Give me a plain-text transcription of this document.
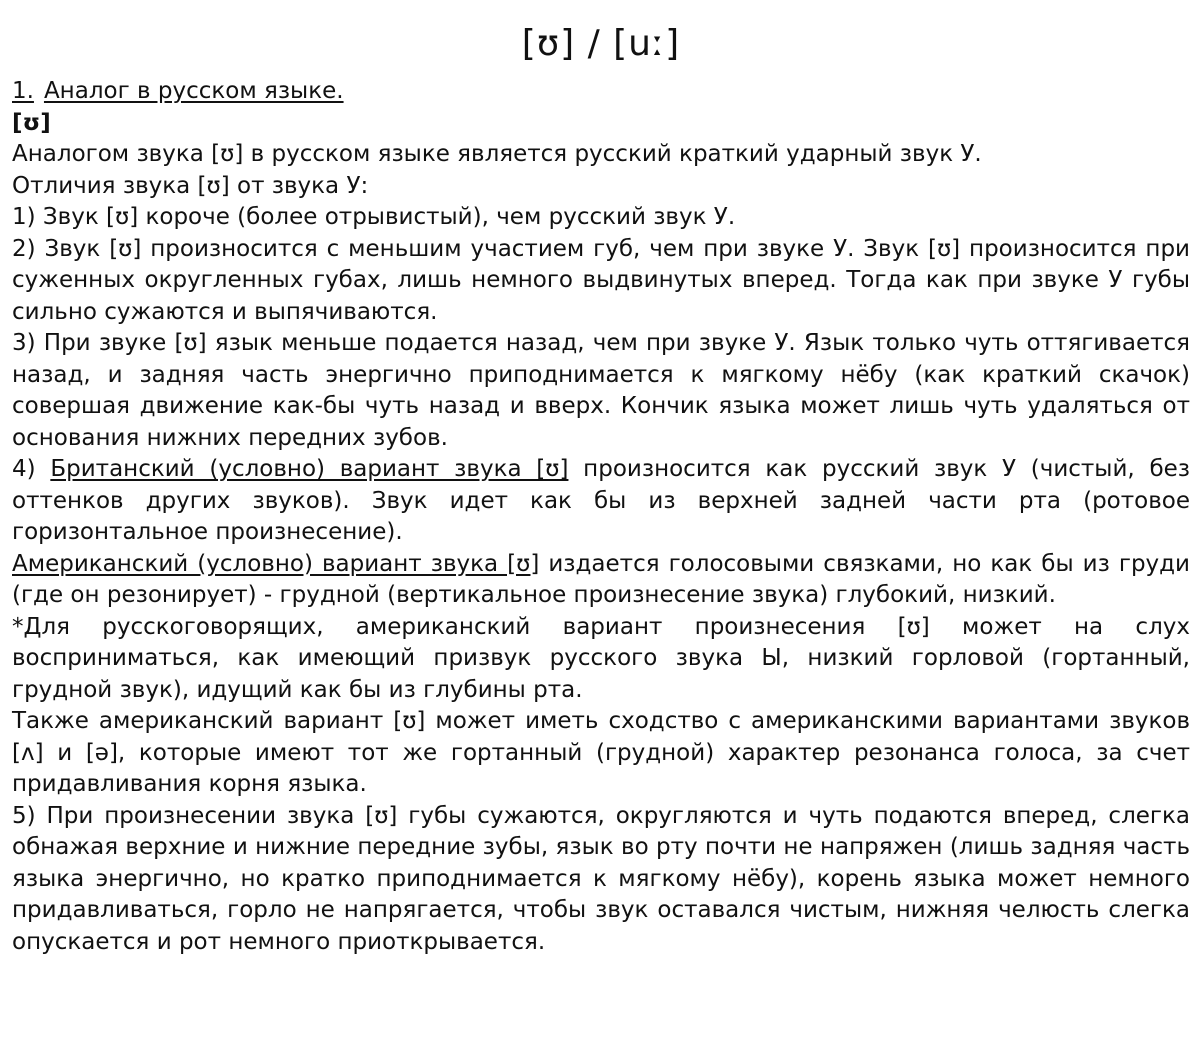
[ʊ] / [uː]

1. Аналог в русском языке.

[ʊ]

Аналогом звука [ʊ] в русском языке является русский краткий ударный звук У.

Отличия звука [ʊ] от звука У:

1) Звук [ʊ] короче (более отрывистый), чем русский звук У.

2) Звук [ʊ] произносится с меньшим участием губ, чем при звуке У. Звук [ʊ] произносится при суженных округленных губах, лишь немного выдвинутых вперед. Тогда как при звуке У губы сильно сужаются и выпячиваются.

3) При звуке [ʊ] язык меньше подается назад, чем при звуке У. Язык только чуть оттягивается назад, и задняя часть энергично приподнимается к мягкому нёбу (как краткий скачок) совершая движение как-бы чуть назад и вверх. Кончик языка может лишь чуть удаляться от основания нижних передних зубов.

4) Британский (условно) вариант звука [ʊ] произносится как русский звук У (чистый, без оттенков других звуков). Звук идет как бы из верхней задней части рта (ротовое горизонтальное произнесение).

Американский (условно) вариант звука [ʊ] издается голосовыми связками, но как бы из груди (где он резонирует) - грудной (вертикальное произнесение звука) глубокий, низкий.

*Для русскоговорящих, американский вариант произнесения [ʊ] может на слух восприниматься, как имеющий призвук русского звука Ы, низкий горловой (гортанный, грудной звук), идущий как бы из глубины рта.

Также американский вариант [ʊ] может иметь сходство с американскими вариантами звуков [ʌ] и [ə], которые имеют тот же гортанный (грудной) характер резонанса голоса, за счет придавливания корня языка.

5) При произнесении звука [ʊ] губы сужаются, округляются и чуть подаются вперед, слегка обнажая верхние и нижние передние зубы, язык во рту почти не напряжен (лишь задняя часть языка энергично, но кратко приподнимается к мягкому нёбу), корень языка может немного придавливаться, горло не напрягается, чтобы звук оставался чистым, нижняя челюсть слегка опускается и рот немного приоткрывается.
